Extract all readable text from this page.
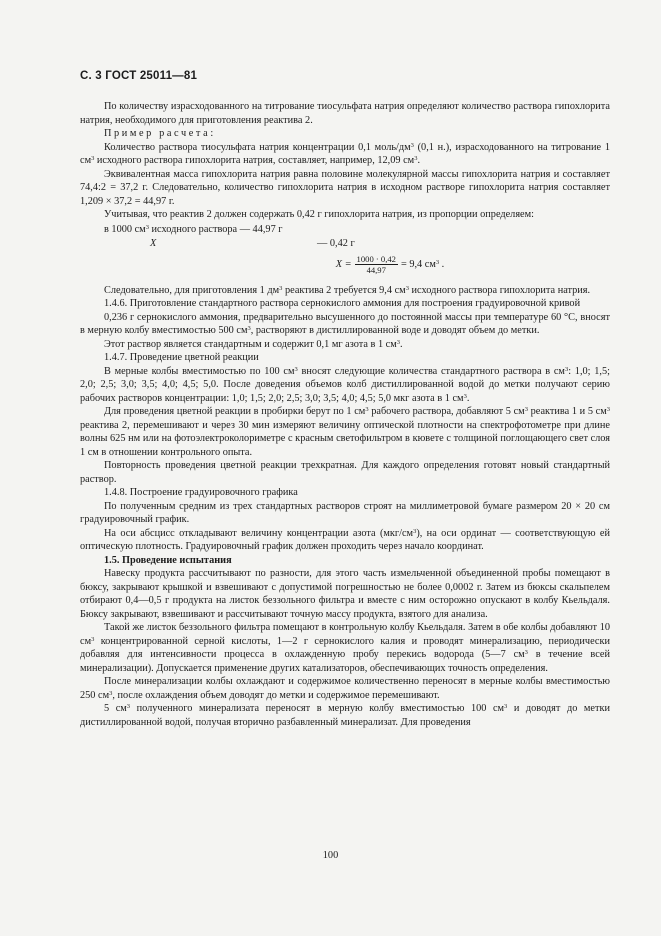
С. 3 ГОСТ 25011—81

По количеству израсходованного на титрование тиосульфата натрия определяют количество раствора гипохлорита натрия, необходимого для приготовления реактива 2.

Пример расчета:

Количество раствора тиосульфата натрия концентрации 0,1 моль/$дм^3$ (0,1 н.), израсходованного на титрование 1 $см^3$ исходного раствора гипохлорита натрия, составляет, например, 12,09 $см^3$.

Эквивалентная масса гипохлорита натрия равна половине молекулярной массы гипохлорита натрия и составляет 74,4:2 = 37,2 г. Следовательно, количество гипохлорита натрия в исходном растворе гипохлорита натрия составляет 1,209 × 37,2 = 44,97 г.

Учитывая, что реактив 2 должен содержать 0,42 г гипохлорита натрия, из пропорции определяем:

в 1000 $см^3$ исходного раствора — 44,97 г
X	— 0,42 г
$X = \frac{1000 \cdot 0,42}{44,97} = 9,4$ $см^3$ .

Следовательно, для приготовления 1 $дм^3$ реактива 2 требуется 9,4 $см^3$ исходного раствора гипохлорита натрия.

1.4.6. Приготовление стандартного раствора сернокислого аммония для построения градуировочной кривой

0,236 г сернокислого аммония, предварительно высушенного до постоянной массы при температуре 60 °С, вносят в мерную колбу вместимостью 500 $см^3$, растворяют в дистиллированной воде и доводят объем до метки.

Этот раствор является стандартным и содержит 0,1 мг азота в 1 $см^3$.

1.4.7. Проведение цветной реакции

В мерные колбы вместимостью по 100 $см^3$ вносят следующие количества стандартного раствора в $см^3$: 1,0; 1,5; 2,0; 2,5; 3,0; 3,5; 4,0; 4,5; 5,0. После доведения объемов колб дистиллированной водой до метки получают серию рабочих растворов концентрации: 1,0; 1,5; 2,0; 2,5; 3,0; 3,5; 4,0; 4,5; 5,0 мкг азота в 1 $см^3$.

Для проведения цветной реакции в пробирки берут по 1 $см^3$ рабочего раствора, добавляют 5 $см^3$ реактива 1 и 5 $см^3$ реактива 2, перемешивают и через 30 мин измеряют величину оптической плотности на спектрофотометре при длине волны 625 нм или на фотоэлектроколориметре с красным светофильтром в кювете с толщиной поглощающего свет слоя 1 см в отношении контрольного опыта.

Повторность проведения цветной реакции трехкратная. Для каждого определения готовят новый стандартный раствор.

1.4.8. Построение градуировочного графика

По полученным средним из трех стандартных растворов строят на миллиметровой бумаге размером 20 × 20 см градуировочный график.

На оси абсцисс откладывают величину концентрации азота $(мкг/см^3)$, на оси ординат — соответствующую ей оптическую плотность. Градуировочный график должен проходить через начало координат.

1.5. Проведение испытания

Навеску продукта рассчитывают по разности, для этого часть измельченной объединенной пробы помещают в бюксу, закрывают крышкой и взвешивают с допустимой погрешностью не более 0,0002 г. Затем из бюксы скальпелем отбирают 0,4—0,5 г продукта на листок беззольного фильтра и вместе с ним осторожно опускают в колбу Кьельдаля. Бюксу закрывают, взвешивают и рассчитывают точную массу продукта, взятого для анализа.

Такой же листок беззольного фильтра помещают в контрольную колбу Кьельдаля. Затем в обе колбы добавляют 10 $см^3$ концентрированной серной кислоты, 1—2 г сернокислого калия и проводят минерализацию, периодически добавляя для интенсивности процесса в охлажденную пробу перекись водорода (5—7 $см^3$ в течение всей минерализации). Допускается применение других катализаторов, обеспечивающих точность определения.

После минерализации колбы охлаждают и содержимое количественно переносят в мерные колбы вместимостью 250 $см^3$, после охлаждения объем доводят до метки и содержимое перемешивают.

5 $см^3$ полученного минерализата переносят в мерную колбу вместимостью 100 $см^3$ и доводят до метки дистиллированной водой, получая вторично разбавленный минерализат. Для проведения

100
